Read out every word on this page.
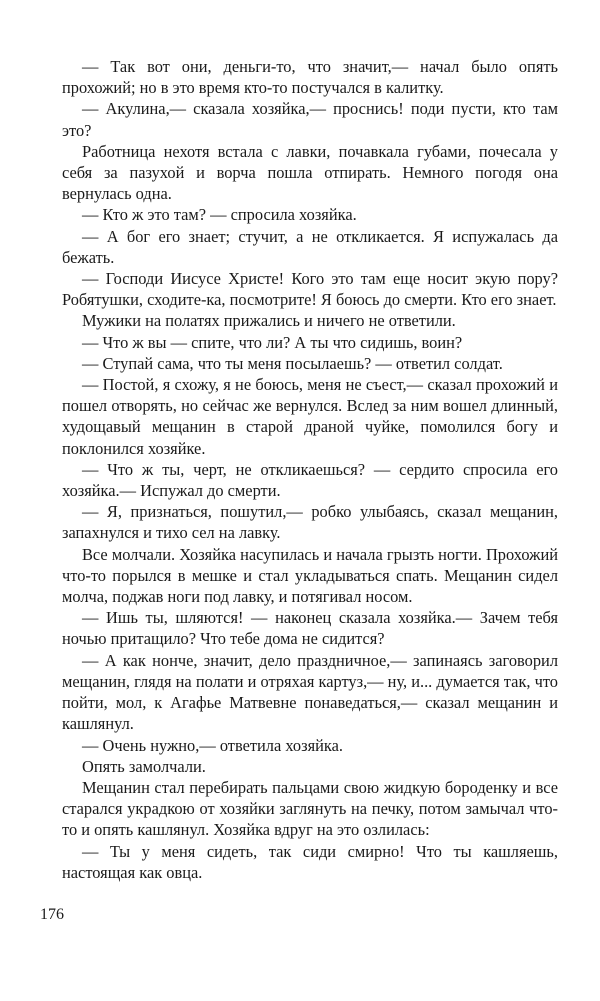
— Так вот они, деньги-то, что значит,— начал было опять прохожий; но в это время кто-то постучался в калитку.

— Акулина,— сказала хозяйка,— проснись! поди пусти, кто там это?

Работница нехотя встала с лавки, почавкала губами, почесала у себя за пазухой и ворча пошла отпирать. Немного погодя она вернулась одна.

— Кто ж это там? — спросила хозяйка.

— А бог его знает; стучит, а не откликается. Я испужалась да бежать.

— Господи Иисусе Христе! Кого это там еще носит экую пору? Робятушки, сходите-ка, посмотрите! Я боюсь до смерти. Кто его знает.

Мужики на полатях прижались и ничего не ответили.

— Что ж вы — спите, что ли? А ты что сидишь, воин?

— Ступай сама, что ты меня посылаешь? — ответил солдат.

— Постой, я схожу, я не боюсь, меня не съест,— сказал прохожий и пошел отворять, но сейчас же вернулся. Вслед за ним вошел длинный, худощавый мещанин в старой драной чуйке, помолился богу и поклонился хозяйке.

— Что ж ты, черт, не откликаешься? — сердито спросила его хозяйка.— Испужал до смерти.

— Я, признаться, пошутил,— робко улыбаясь, сказал мещанин, запахнулся и тихо сел на лавку.

Все молчали. Хозяйка насупилась и начала грызть ногти. Прохожий что-то порылся в мешке и стал укладываться спать. Мещанин сидел молча, поджав ноги под лавку, и потягивал носом.

— Ишь ты, шляются! — наконец сказала хозяйка.— Зачем тебя ночью притащило? Что тебе дома не сидится?

— А как нонче, значит, дело праздничное,— запинаясь заговорил мещанин, глядя на полати и отряхая картуз,— ну, и... думается так, что пойти, мол, к Агафье Матвевне понаведаться,— сказал мещанин и кашлянул.

— Очень нужно,— ответила хозяйка.

Опять замолчали.

Мещанин стал перебирать пальцами свою жидкую бороденку и все старался украдкою от хозяйки заглянуть на печку, потом замычал что-то и опять кашлянул. Хозяйка вдруг на это озлилась:

— Ты у меня сидеть, так сиди смирно! Что ты кашляешь, настоящая как овца.

176
